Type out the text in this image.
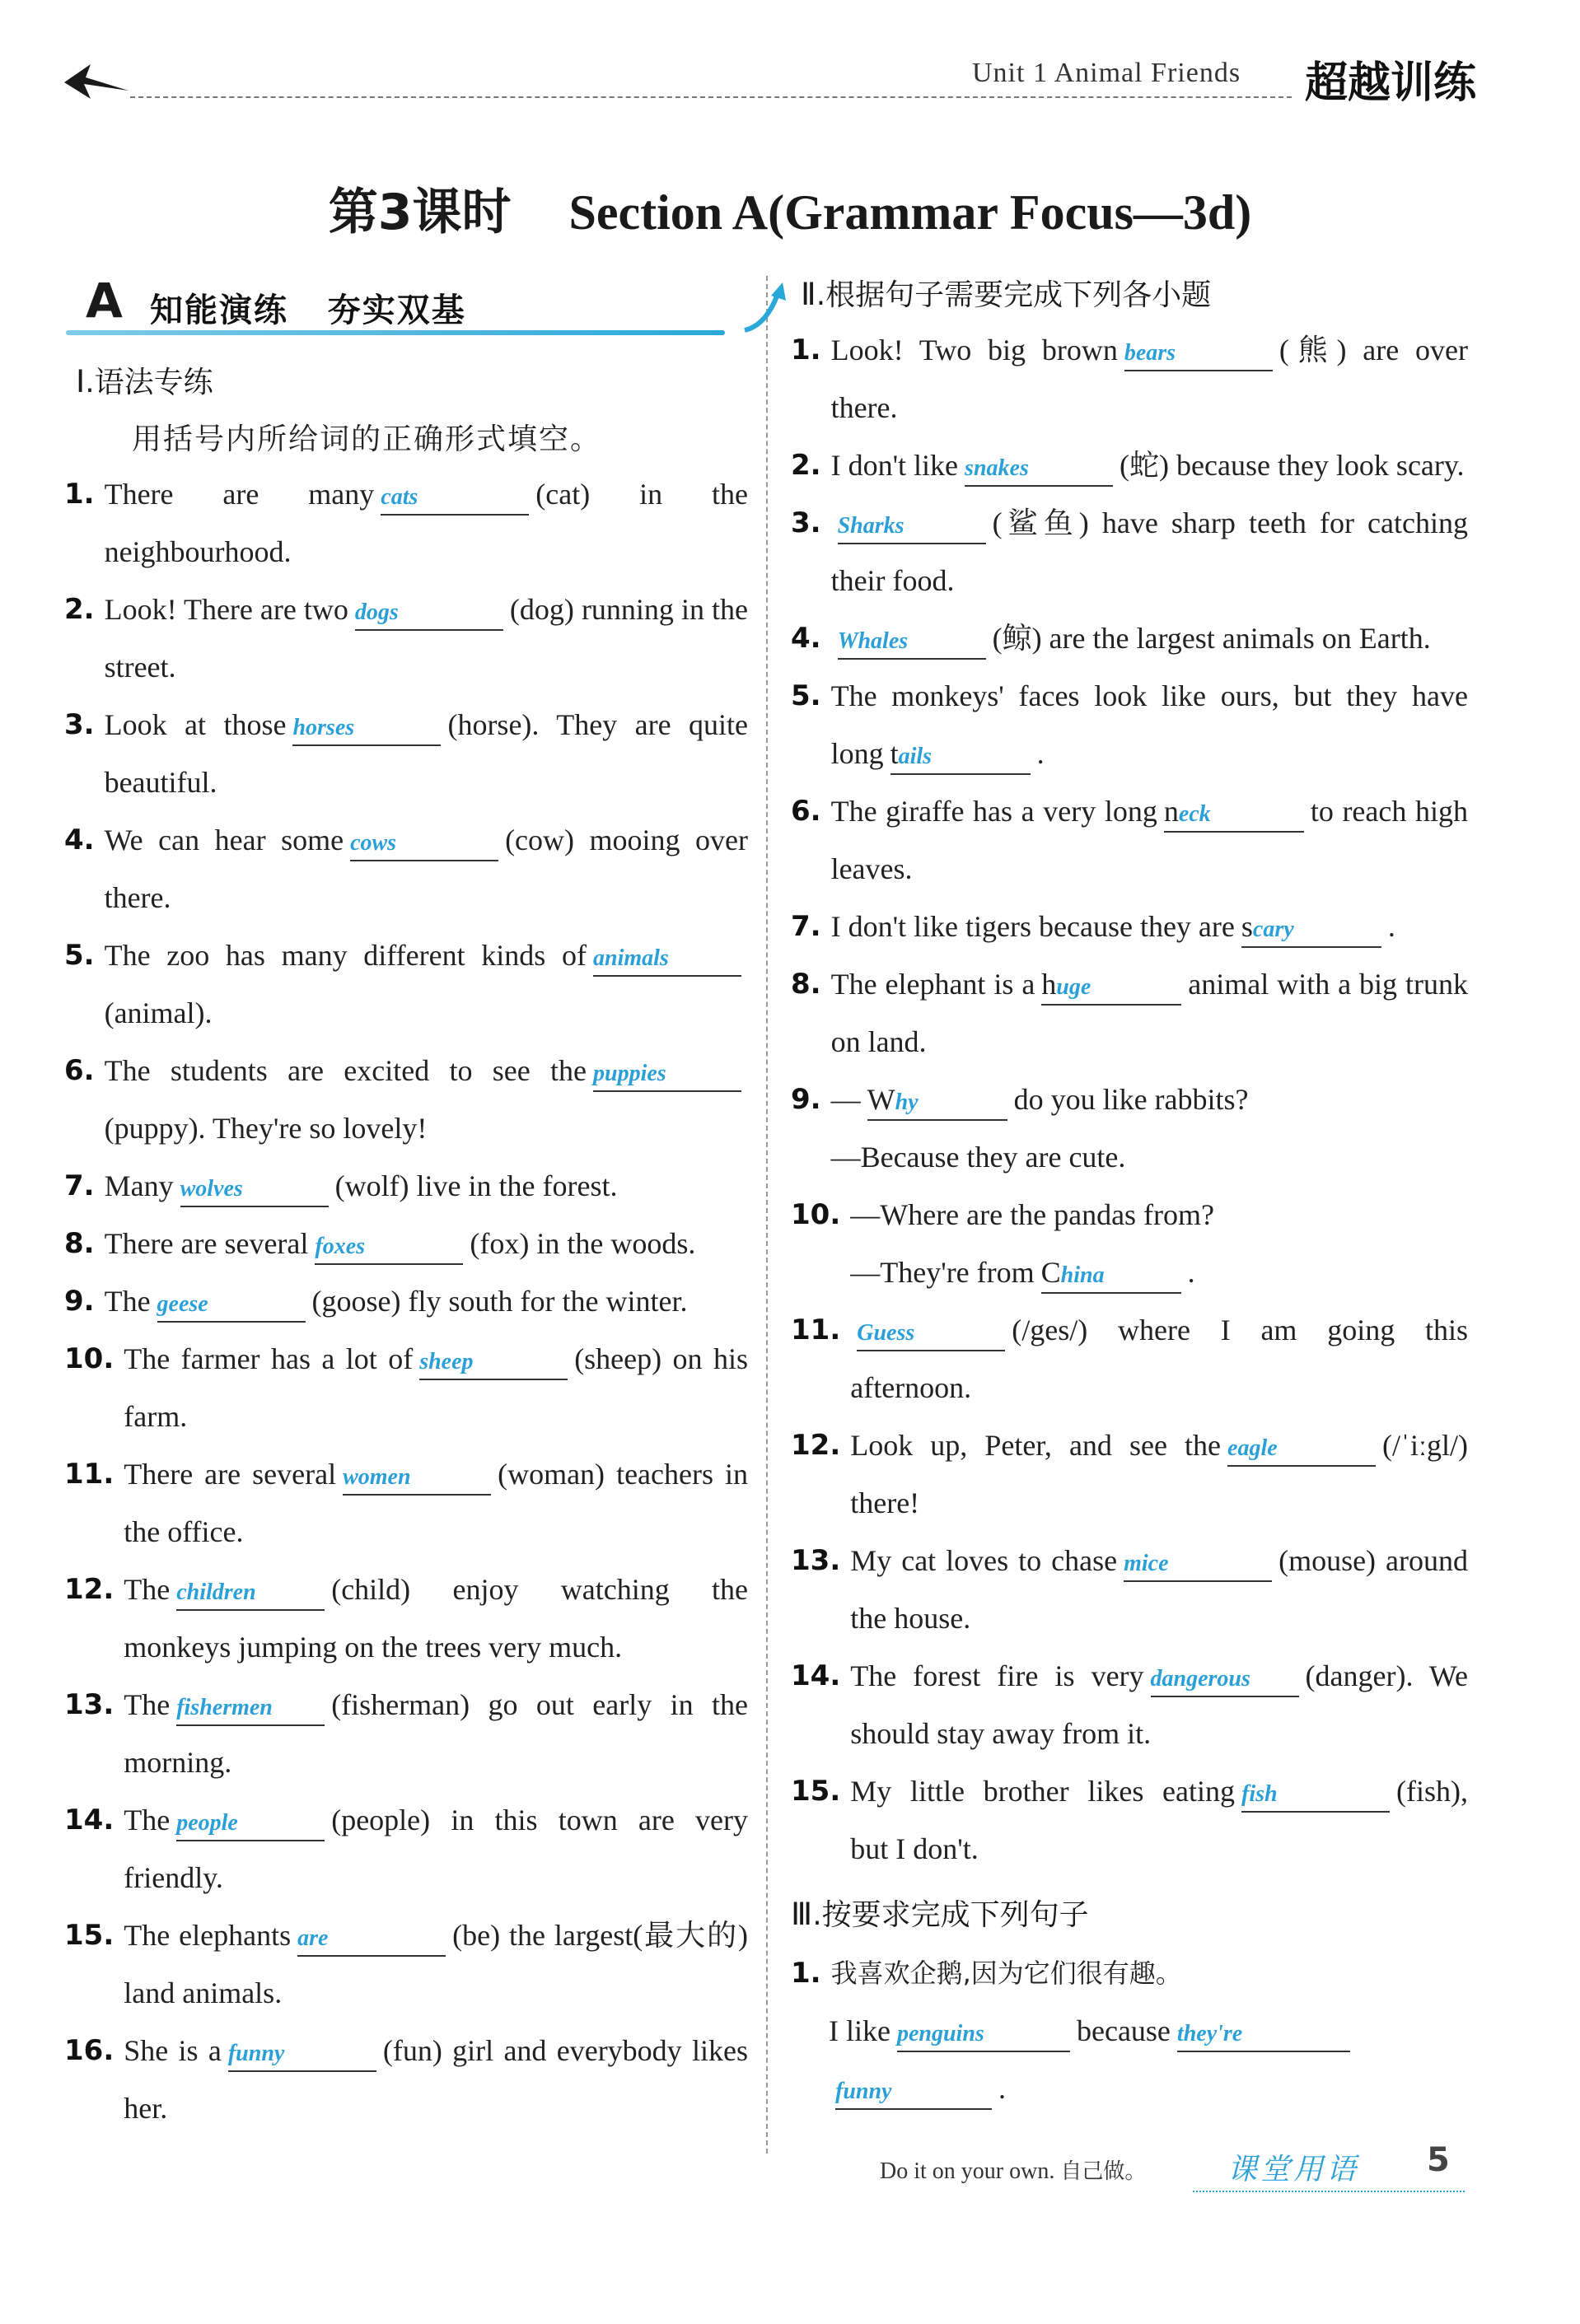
Unit 1 Animal Friends 超越训练
第3课时 Section A(Grammar Focus—3d)
A 知能演练   夯实双基
Ⅰ.语法专练
用括号内所给词的正确形式填空。
1. There are many cats	(cat) in the neighbourhood.
2. Look! There are two dogs	(dog) running in the street.
3. Look at those horses	(horse). They are quite beautiful.
4. We can hear some cows	(cow) mooing over there.
5. The zoo has many different kinds of animals(animal).
6. The students are excited to see the puppies(puppy). They're so lovely!
7. Many wolves	(wolf) live in the forest.
8. There are several foxes	(fox) in the woods.
9. The geese	(goose) fly south for the winter.
10. The farmer has a lot of sheep	(sheep) on his farm.
11. There are several women	(woman) teachers in the office.
12. The children	(child) enjoy watching the monkeys jumping on the trees very much.
13. The fishermen (fisherman) go out early in the morning.
14. The people	(people) in this town are very friendly.
15. The elephants are	(be) the largest(最大的) land animals.
16. She is a funny	(fun) girl and everybody likes her.
Ⅱ.根据句子需要完成下列各小题
1. Look! Two big brown bears	(熊) are over there.
2. I don't like snakes	(蛇) because they look scary.
3. Sharks	(鲨鱼) have sharp teeth for catching their food.
4. Whales	(鲸) are the largest animals on Earth.
5. The monkeys' faces look like ours, but they have long tails	.
6. The giraffe has a very long neck	to reach high leaves.
7. I don't like tigers because they are scary	.
8. The elephant is a huge	animal with a big trunk on land.
9. — Why	do you like rabbits?
—Because they are cute.
10. —Where are the pandas from?
—They're from China	.
11. Guess	(/ges/) where I am going this afternoon.
12. Look up, Peter, and see the eagle	(/ˈiːgl/) there!
13. My cat loves to chase mice	(mouse) around the house.
14. The forest fire is very dangerous (danger). We should stay away from it.
15. My little brother likes eating fish	(fish), but I don't.
Ⅲ.按要求完成下列句子
1. 我喜欢企鹅,因为它们很有趣。
I like penguins	because they're
funny	.
Do it on your own. 自己做。	课堂用语 5
